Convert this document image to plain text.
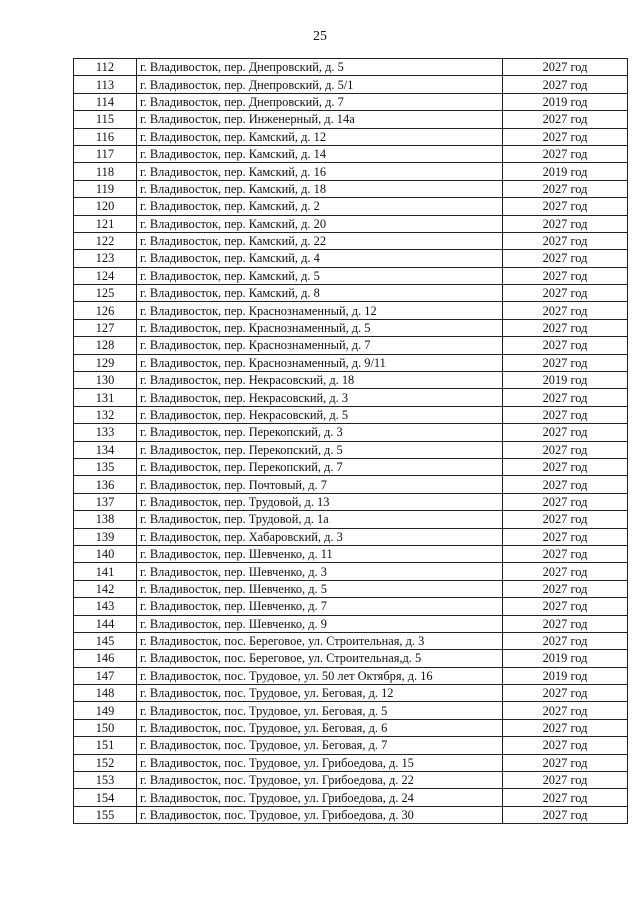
25
112	г. Владивосток, пер. Днепровский, д. 5	2027 год
113	г. Владивосток, пер. Днепровский, д. 5/1	2027 год
114	г. Владивосток, пер. Днепровский, д. 7	2019 год
115	г. Владивосток, пер. Инженерный, д. 14а	2027 год
116	г. Владивосток, пер. Камский, д. 12	2027 год
117	г. Владивосток, пер. Камский, д. 14	2027 год
118	г. Владивосток, пер. Камский, д. 16	2019 год
119	г. Владивосток, пер. Камский, д. 18	2027 год
120	г. Владивосток, пер. Камский, д. 2	2027 год
121	г. Владивосток, пер. Камский, д. 20	2027 год
122	г. Владивосток, пер. Камский, д. 22	2027 год
123	г. Владивосток, пер. Камский, д. 4	2027 год
124	г. Владивосток, пер. Камский, д. 5	2027 год
125	г. Владивосток, пер. Камский, д. 8	2027 год
126	г. Владивосток, пер. Краснознаменный, д. 12	2027 год
127	г. Владивосток, пер. Краснознаменный, д. 5	2027 год
128	г. Владивосток, пер. Краснознаменный, д. 7	2027 год
129	г. Владивосток, пер. Краснознаменный, д. 9/11	2027 год
130	г. Владивосток, пер. Некрасовский, д. 18	2019 год
131	г. Владивосток, пер. Некрасовский, д. 3	2027 год
132	г. Владивосток, пер. Некрасовский, д. 5	2027 год
133	г. Владивосток, пер. Перекопский, д. 3	2027 год
134	г. Владивосток, пер. Перекопский, д. 5	2027 год
135	г. Владивосток, пер. Перекопский, д. 7	2027 год
136	г. Владивосток, пер. Почтовый, д. 7	2027 год
137	г. Владивосток, пер. Трудовой, д. 13	2027 год
138	г. Владивосток, пер. Трудовой, д. 1а	2027 год
139	г. Владивосток, пер. Хабаровский, д. 3	2027 год
140	г. Владивосток, пер. Шевченко, д. 11	2027 год
141	г. Владивосток, пер. Шевченко, д. 3	2027 год
142	г. Владивосток, пер. Шевченко, д. 5	2027 год
143	г. Владивосток, пер. Шевченко, д. 7	2027 год
144	г. Владивосток, пер. Шевченко, д. 9	2027 год
145	г. Владивосток, пос. Береговое, ул. Строительная, д. 3	2027 год
146	г. Владивосток, пос. Береговое, ул. Строительная,д. 5	2019 год
147	г. Владивосток, пос. Трудовое, ул. 50 лет Октября, д. 16	2019 год
148	г. Владивосток, пос. Трудовое, ул. Беговая, д. 12	2027 год
149	г. Владивосток, пос. Трудовое, ул. Беговая, д. 5	2027 год
150	г. Владивосток, пос. Трудовое, ул. Беговая, д. 6	2027 год
151	г. Владивосток, пос. Трудовое, ул. Беговая, д. 7	2027 год
152	г. Владивосток, пос. Трудовое, ул. Грибоедова, д. 15	2027 год
153	г. Владивосток, пос. Трудовое, ул. Грибоедова, д. 22	2027 год
154	г. Владивосток, пос. Трудовое, ул. Грибоедова, д. 24	2027 год
155	г. Владивосток, пос. Трудовое, ул. Грибоедова, д. 30	2027 год
